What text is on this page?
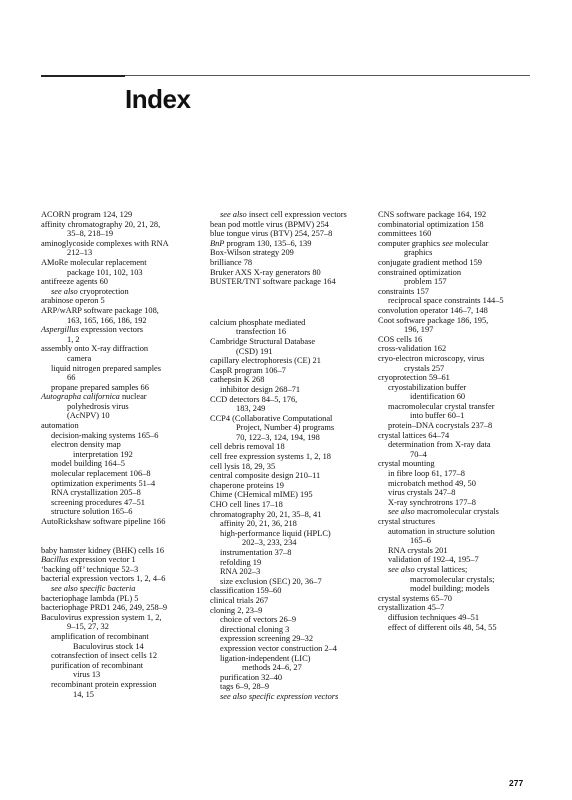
Index
ACORN program 124, 129
affinity chromatography 20, 21, 28,
35–8, 218–19
aminoglycoside complexes with RNA
212–13
AMoRe molecular replacement
package 101, 102, 103
antifreeze agents 60
see also cryoprotection
arabinose operon 5
ARP/wARP software package 108,
163, 165, 166, 186, 192
Aspergillus expression vectors
1, 2
assembly onto X-ray diffraction
camera
liquid nitrogen prepared samples
66
propane prepared samples 66
Autographa californica nuclear
polyhedrosis virus
(AcNPV) 10
automation
decision-making systems 165–6
electron density map
interpretation 192
model building 164–5
molecular replacement 106–8
optimization experiments 51–4
RNA crystallization 205–8
screening procedures 47–51
structure solution 165–6
AutoRickshaw software pipeline 166
baby hamster kidney (BHK) cells 16
Bacillus expression vector 1
‘backing off’ technique 52–3
bacterial expression vectors 1, 2, 4–6
see also specific bacteria
bacteriophage lambda (PL) 5
bacteriophage PRD1 246, 249, 258–9
Baculovirus expression system 1, 2,
9–15, 27, 32
amplification of recombinant
Baculovirus stock 14
cotransfection of insect cells 12
purification of recombinant
virus 13
recombinant protein expression
14, 15
see also insect cell expression vectors
bean pod mottle virus (BPMV) 254
blue tongue virus (BTV) 254, 257–8
BnP program 130, 135–6, 139
Box-Wilson strategy 209
brilliance 78
Bruker AXS X-ray generators 80
BUSTER/TNT software package 164
calcium phosphate mediated
transfection 16
Cambridge Structural Database
(CSD) 191
capillary electrophoresis (CE) 21
CaspR program 106–7
cathepsin K 268
inhibitor design 268–71
CCD detectors 84–5, 176,
183, 249
CCP4 (Collaborative Computational
Project, Number 4) programs
70, 122–3, 124, 194, 198
cell debris removal 18
cell free expression systems 1, 2, 18
cell lysis 18, 29, 35
central composite design 210–11
chaperone proteins 19
Chime (CHemical mIME) 195
CHO cell lines 17–18
chromatography 20, 21, 35–8, 41
affinity 20, 21, 36, 218
high-performance liquid (HPLC)
202–3, 233, 234
instrumentation 37–8
refolding 19
RNA 202–3
size exclusion (SEC) 20, 36–7
classification 159–60
clinical trials 267
cloning 2, 23–9
choice of vectors 26–9
directional cloning 3
expression screening 29–32
expression vector construction 2–4
ligation-independent (LIC)
methods 24–6, 27
purification 32–40
tags 6–9, 28–9
see also specific expression vectors
CNS software package 164, 192
combinatorial optimization 158
committees 160
computer graphics see molecular
graphics
conjugate gradient method 159
constrained optimization
problem 157
constraints 157
reciprocal space constraints 144–5
convolution operator 146–7, 148
Coot software package 186, 195,
196, 197
COS cells 16
cross-validation 162
cryo-electron microscopy, virus
crystals 257
cryoprotection 59–61
cryostabilization buffer
identification 60
macromolecular crystal transfer
into buffer 60–1
protein–DNA cocrystals 237–8
crystal lattices 64–74
determination from X-ray data
70–4
crystal mounting
in fibre loop 61, 177–8
microbatch method 49, 50
virus crystals 247–8
X-ray synchrotrons 177–8
see also macromolecular crystals
crystal structures
automation in structure solution
165–6
RNA crystals 201
validation of 192–4, 195–7
see also crystal lattices;
macromolecular crystals;
model building; models
crystal systems 65–70
crystallization 45–7
diffusion techniques 49–51
effect of different oils 48, 54, 55
277
